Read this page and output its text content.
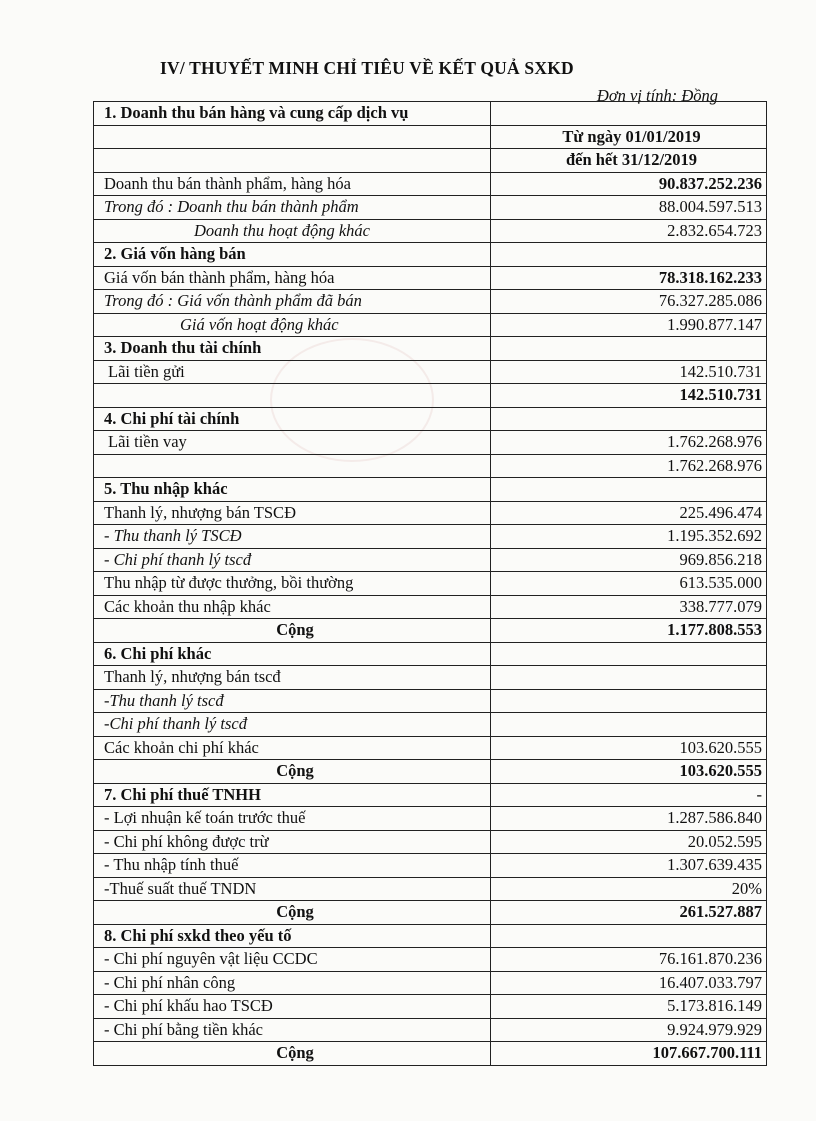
IV/ THUYẾT MINH CHỈ TIÊU VỀ KẾT QUẢ SXKD
Đơn vị tính: Đồng
1. Doanh thu bán hàng và cung cấp dịch vụ	
	Từ ngày 01/01/2019
	đến hết 31/12/2019
Doanh thu bán thành phẩm, hàng hóa	90.837.252.236
Trong đó : Doanh thu bán thành phẩm	88.004.597.513
Doanh thu hoạt động khác	2.832.654.723
2. Giá vốn hàng bán	
Giá vốn bán thành phẩm, hàng hóa	78.318.162.233
Trong đó : Giá vốn thành phẩm đã bán	76.327.285.086
Giá vốn hoạt động khác	1.990.877.147
3. Doanh thu tài chính	
Lãi tiền gửi	142.510.731
	142.510.731
4. Chi phí tài chính	
Lãi tiền vay	1.762.268.976
	1.762.268.976
5. Thu nhập khác	
Thanh lý, nhượng bán TSCĐ	225.496.474
- Thu thanh lý TSCĐ	1.195.352.692
- Chi phí thanh lý tscđ	969.856.218
Thu nhập từ được thưởng, bồi thường	613.535.000
Các khoản thu nhập khác	338.777.079
Cộng	1.177.808.553
6. Chi phí khác	
Thanh lý, nhượng bán tscđ	
-Thu thanh lý tscđ	
-Chi phí thanh lý tscđ	
Các khoản chi phí khác	103.620.555
Cộng	103.620.555
7. Chi phí thuế TNHH	-
- Lợi nhuận kế toán trước thuế	1.287.586.840
- Chi phí không được trừ	20.052.595
- Thu nhập tính thuế	1.307.639.435
-Thuế suất thuế TNDN	20%
Cộng	261.527.887
8. Chi phí sxkd theo yếu tố	
- Chi phí nguyên vật liệu CCDC	76.161.870.236
- Chi phí nhân công	16.407.033.797
- Chi phí khấu hao TSCĐ	5.173.816.149
- Chi phí bằng tiền khác	9.924.979.929
Cộng	107.667.700.111
